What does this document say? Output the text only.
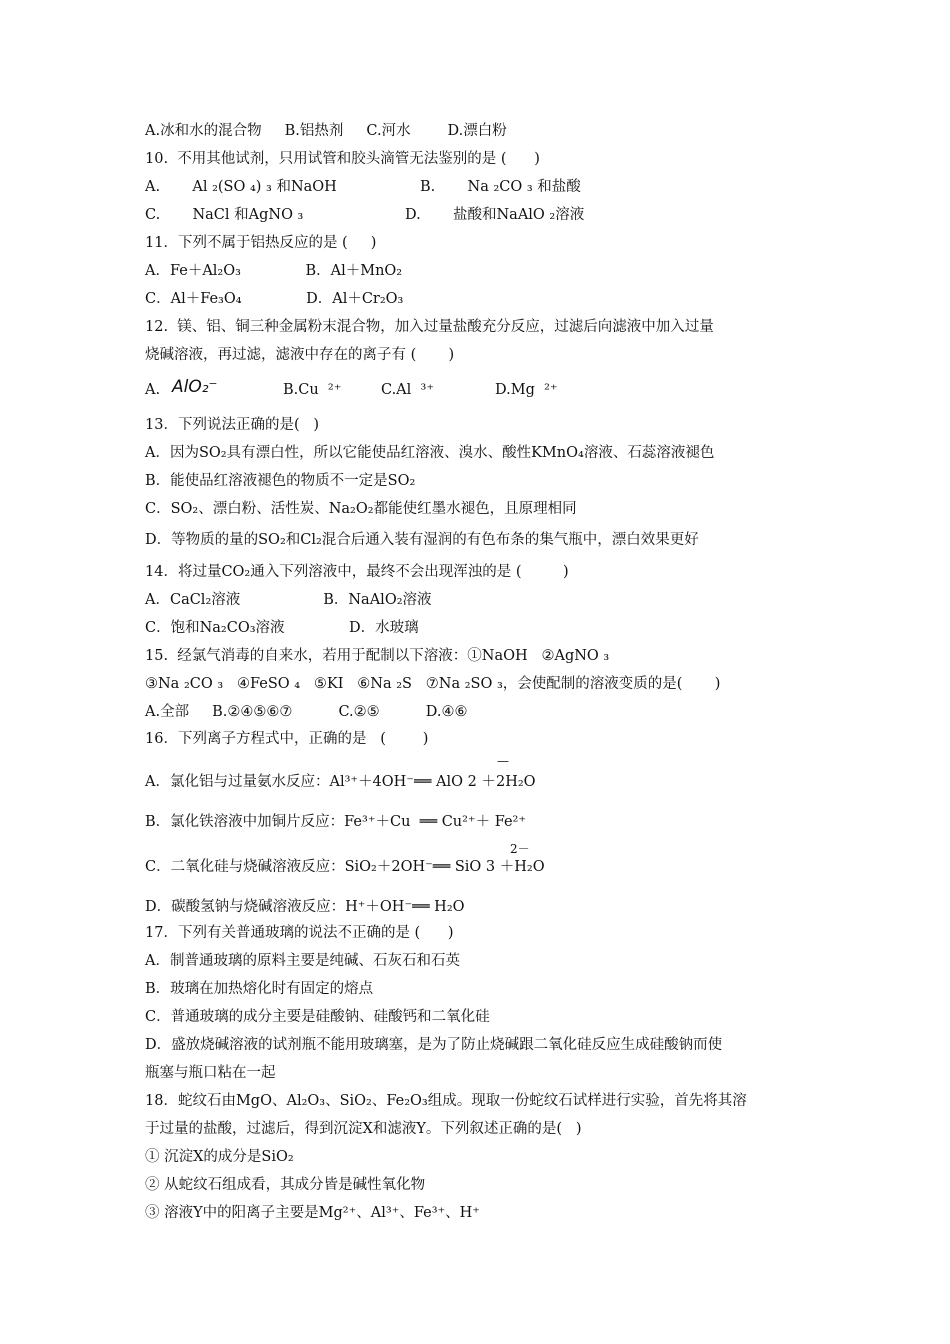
A.冰和水的混合物     B.铝热剂     C.河水        D.漂白粉
10.  不用其他试剂，只用试管和胶头滴管无法鉴别的是 (      )
A.       Al ₂(SO ₄) ₃ 和NaOH	B.       Na ₂CO ₃ 和盐酸
C.       NaCl 和AgNO ₃	D.       盐酸和NaAlO ₂溶液
11．下列不属于铝热反应的是 (     )
A．Fe＋Al₂O₃              B．Al＋MnO₂
C．Al＋Fe₃O₄              D．Al＋Cr₂O₃
12.  镁、铝、铜三种金属粉末混合物，加入过量盐酸充分反应，过滤后向滤液中加入过量
烧碱溶液，再过滤，滤液中存在的离子有 (       )
A. AlO₂⁻	B.Cu  ²⁺	C.Al  ³⁺	D.Mg  ²⁺
13．下列说法正确的是(   )
A．因为SO₂具有漂白性，所以它能使品红溶液、溴水、酸性KMnO₄溶液、石蕊溶液褪色
B．能使品红溶液褪色的物质不一定是SO₂
C．SO₂、漂白粉、活性炭、Na₂O₂都能使红墨水褪色，且原理相同
D．等物质的量的SO₂和Cl₂混合后通入装有湿润的有色布条的集气瓶中，漂白效果更好
14．将过量CO₂通入下列溶液中，最终不会出现浑浊的是 (         )
A．CaCl₂溶液                  B．NaAlO₂溶液
C．饱和Na₂CO₃溶液              D．水玻璃
15.  经氯气消毒的自来水，若用于配制以下溶液：①NaOH   ②AgNO ₃
③Na ₂CO ₃   ④FeSO ₄   ⑤KI   ⑥Na ₂S   ⑦Na ₂SO ₃，会使配制的溶液变质的是(       )
A.全部     B.②④⑤⑥⑦          C.②⑤          D.④⑥
16．下列离子方程式中，正确的是   (        )
—
A．氯化铝与过量氨水反应：Al³⁺＋4OH⁻══ AlO 2 ＋2H₂O
B．氯化铁溶液中加铜片反应：Fe³⁺＋Cu  ══ Cu²⁺＋ Fe²⁺
2－
C．二氧化硅与烧碱溶液反应：SiO₂＋2OH⁻══ SiO 3 ＋H₂O
D．碳酸氢钠与烧碱溶液反应：H⁺＋OH⁻══ H₂O
17．下列有关普通玻璃的说法不正确的是 (      )
A．制普通玻璃的原料主要是纯碱、石灰石和石英
B．玻璃在加热熔化时有固定的熔点
C．普通玻璃的成分主要是硅酸钠、硅酸钙和二氧化硅
D．盛放烧碱溶液的试剂瓶不能用玻璃塞，是为了防止烧碱跟二氧化硅反应生成硅酸钠而使
瓶塞与瓶口粘在一起
18．蛇纹石由MgO、Al₂O₃、SiO₂、Fe₂O₃组成。现取一份蛇纹石试样进行实验，首先将其溶
于过量的盐酸，过滤后，得到沉淀X和滤液Y。下列叙述正确的是(   )
① 沉淀X的成分是SiO₂
② 从蛇纹石组成看，其成分皆是碱性氧化物
③ 溶液Y中的阳离子主要是Mg²⁺、Al³⁺、Fe³⁺、H⁺
